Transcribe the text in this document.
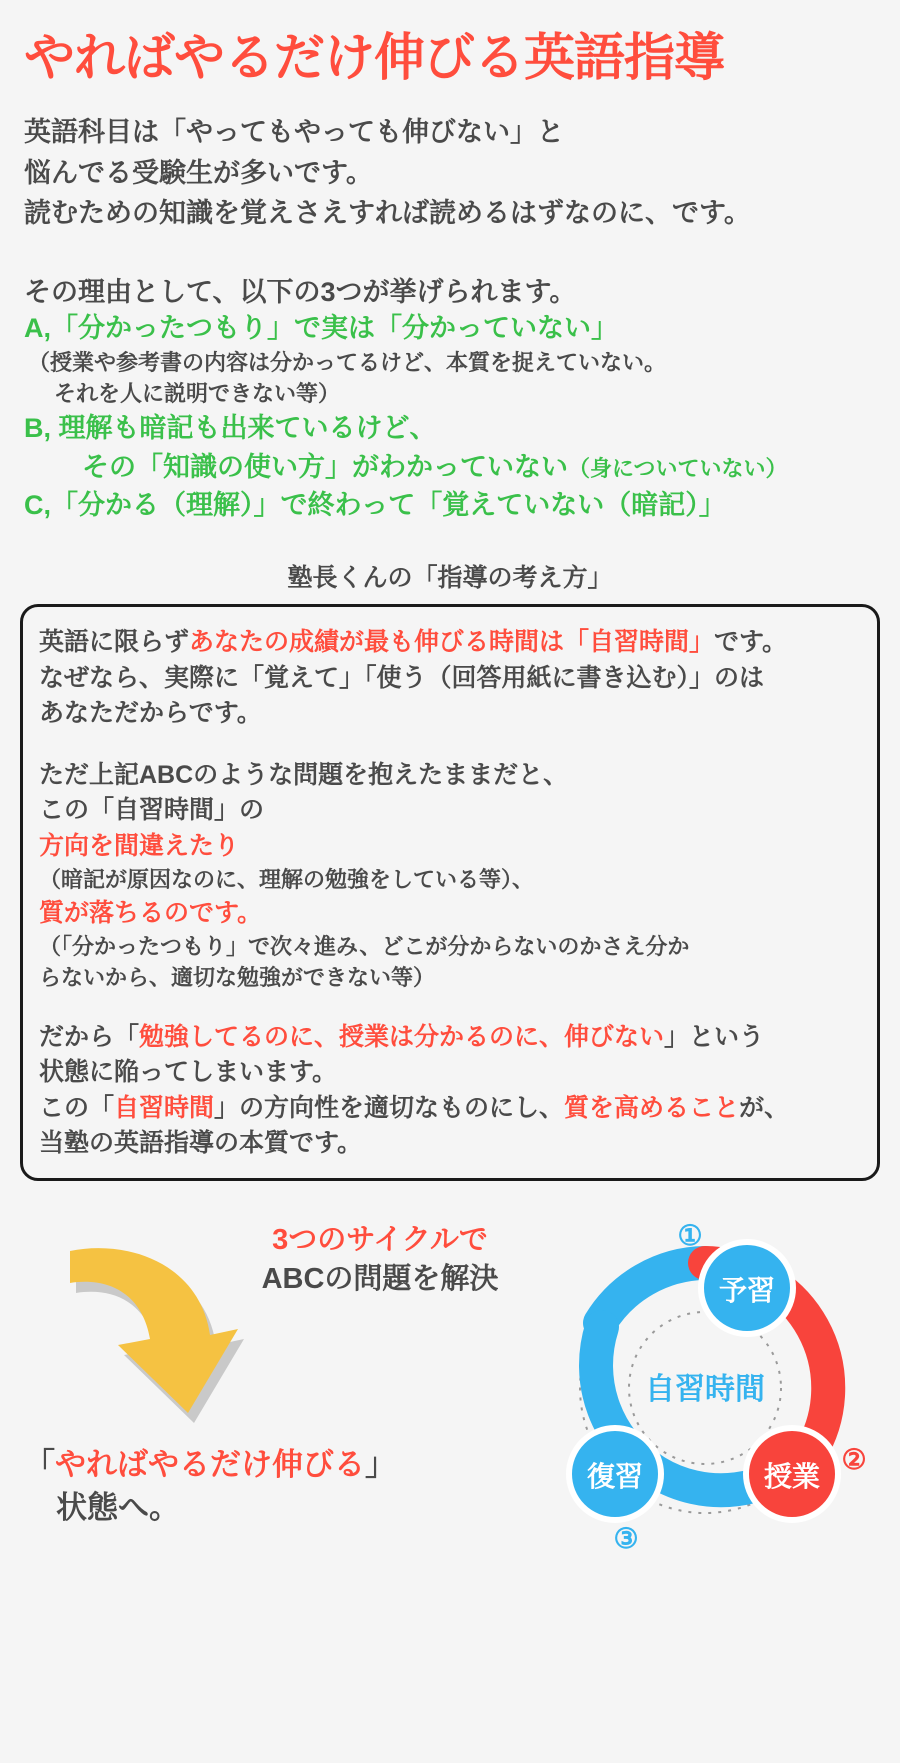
やればやるだけ伸びる英語指導
英語科目は「やってもやっても伸びない」と
悩んでる受験生が多いです。
読むための知識を覚えさえすれば読めるはずなのに、です。
その理由として、以下の3つが挙げられます。
A,「分かったつもり」で実は「分かっていない」
（授業や参考書の内容は分かってるけど、本質を捉えていない。
それを人に説明できない等）
B, 理解も暗記も出来ているけど、
その「知識の使い方」がわかっていない（身についていない）
C,「分かる（理解）」で終わって「覚えていない（暗記）」
塾長くんの「指導の考え方」

英語に限らずあなたの成績が最も伸びる時間は「自習時間」です。

なぜなら、実際に「覚えて」「使う（回答用紙に書き込む）」のは

あなただからです。

ただ上記ABCのような問題を抱えたままだと、

この「自習時間」の

方向を間違えたり

（暗記が原因なのに、理解の勉強をしている等）、

質が落ちるのです。

（「分かったつもり」で次々進み、どこが分からないのかさえ分か

らないから、適切な勉強ができない等）

だから「勉強してるのに、授業は分かるのに、伸びない」という

状態に陥ってしまいます。

この「自習時間」の方向性を適切なものにし、質を高めることが、

当塾の英語指導の本質です。

3つのサイクルで
ABCの問題を解決
自習時間
予習
①
授業
②
復習
③
「やればやるだけ伸びる」
状態へ。
